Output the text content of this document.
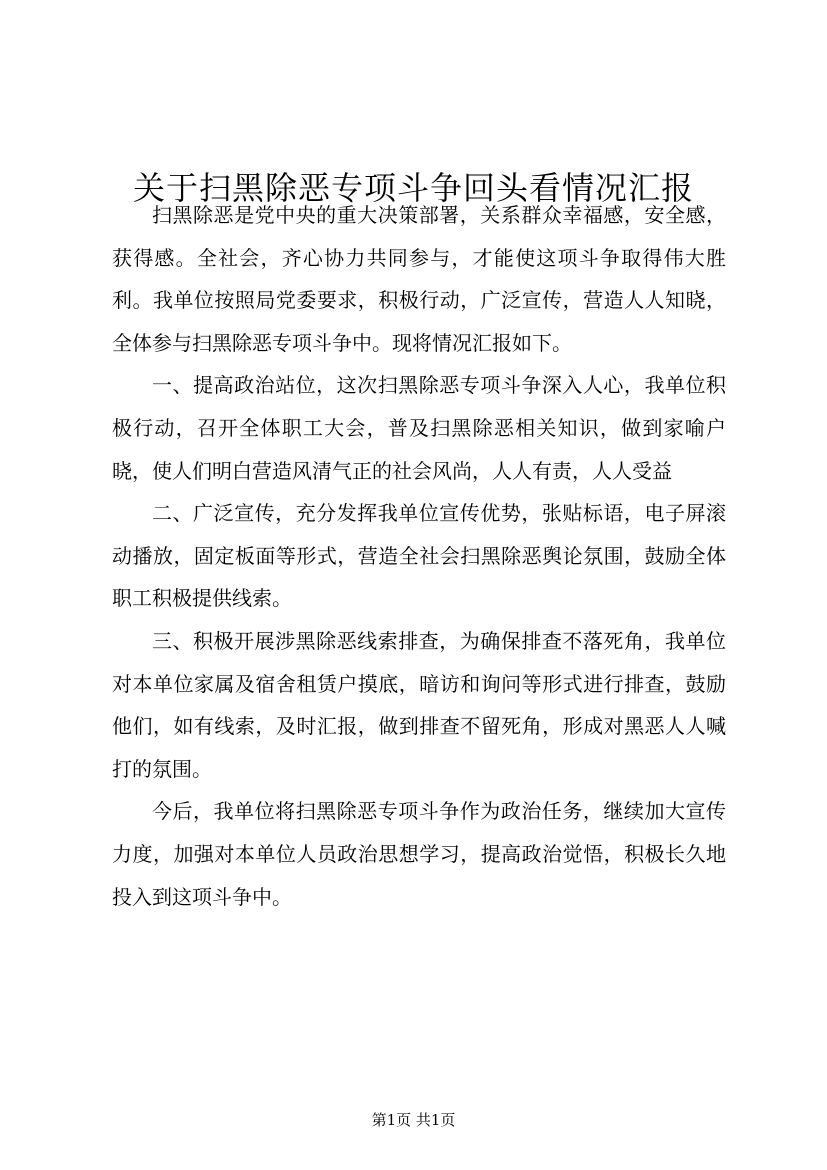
关于扫黑除恶专项斗争回头看情况汇报

扫黑除恶是党中央的重大决策部署，关系群众幸福感，安全感，获得感。全社会，齐心协力共同参与，才能使这项斗争取得伟大胜利。我单位按照局党委要求，积极行动，广泛宣传，营造人人知晓，全体参与扫黑除恶专项斗争中。现将情况汇报如下。

一、提高政治站位，这次扫黑除恶专项斗争深入人心，我单位积极行动，召开全体职工大会，普及扫黑除恶相关知识，做到家喻户晓，使人们明白营造风清气正的社会风尚，人人有责，人人受益

二、广泛宣传，充分发挥我单位宣传优势，张贴标语，电子屏滚动播放，固定板面等形式，营造全社会扫黑除恶舆论氛围，鼓励全体职工积极提供线索。

三、积极开展涉黑除恶线索排查，为确保排查不落死角，我单位对本单位家属及宿舍租赁户摸底，暗访和询问等形式进行排查，鼓励他们，如有线索，及时汇报，做到排查不留死角，形成对黑恶人人喊打的氛围。

今后，我单位将扫黑除恶专项斗争作为政治任务，继续加大宣传力度，加强对本单位人员政治思想学习，提高政治觉悟，积极长久地投入到这项斗争中。

第1页 共1页
